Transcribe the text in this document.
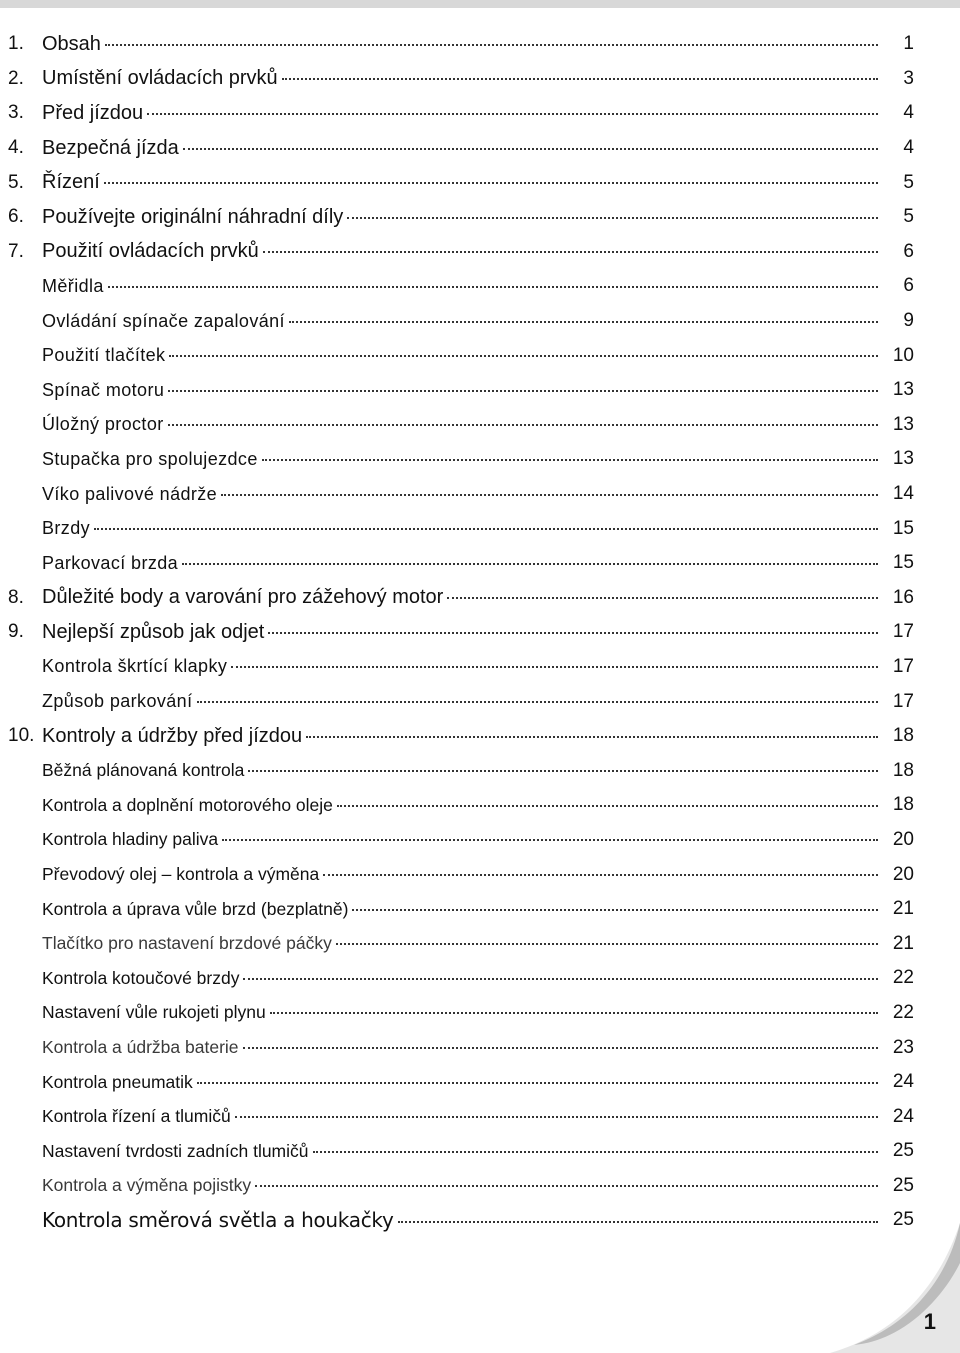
1. Obsah	1
2. Umístění ovládacích prvků	3
3. Před jízdou	4
4. Bezpečná jízda	4
5. Řízení	5
6. Používejte originální náhradní díly	5
7. Použití ovládacích prvků	6
Měřidla	6
Ovládání spínače zapalování	9
Použití tlačítek	10
Spínač motoru	13
Úložný proctor	13
Stupačka pro spolujezdce	13
Víko palivové nádrže	14
Brzdy	15
Parkovací brzda	15
8. Důležité body a varování pro zážehový motor	16
9. Nejlepší způsob jak odjet	17
Kontrola škrtící klapky	17
Způsob parkování	17
10. Kontroly a údržby před jízdou	18
Běžná plánovaná kontrola	18
Kontrola a doplnění motorového oleje	18
Kontrola hladiny paliva	20
Převodový olej – kontrola a výměna	20
Kontrola a úprava vůle brzd (bezplatně)	21
Tlačítko pro nastavení brzdové páčky	21
Kontrola kotoučové brzdy	22
Nastavení vůle rukojeti plynu	22
Kontrola a údržba baterie	23
Kontrola pneumatik	24
Kontrola řízení a tlumičů	24
Nastavení tvrdosti zadních tlumičů	25
Kontrola a výměna pojistky	25
Kontrola směrová světla a houkačky	25
1
